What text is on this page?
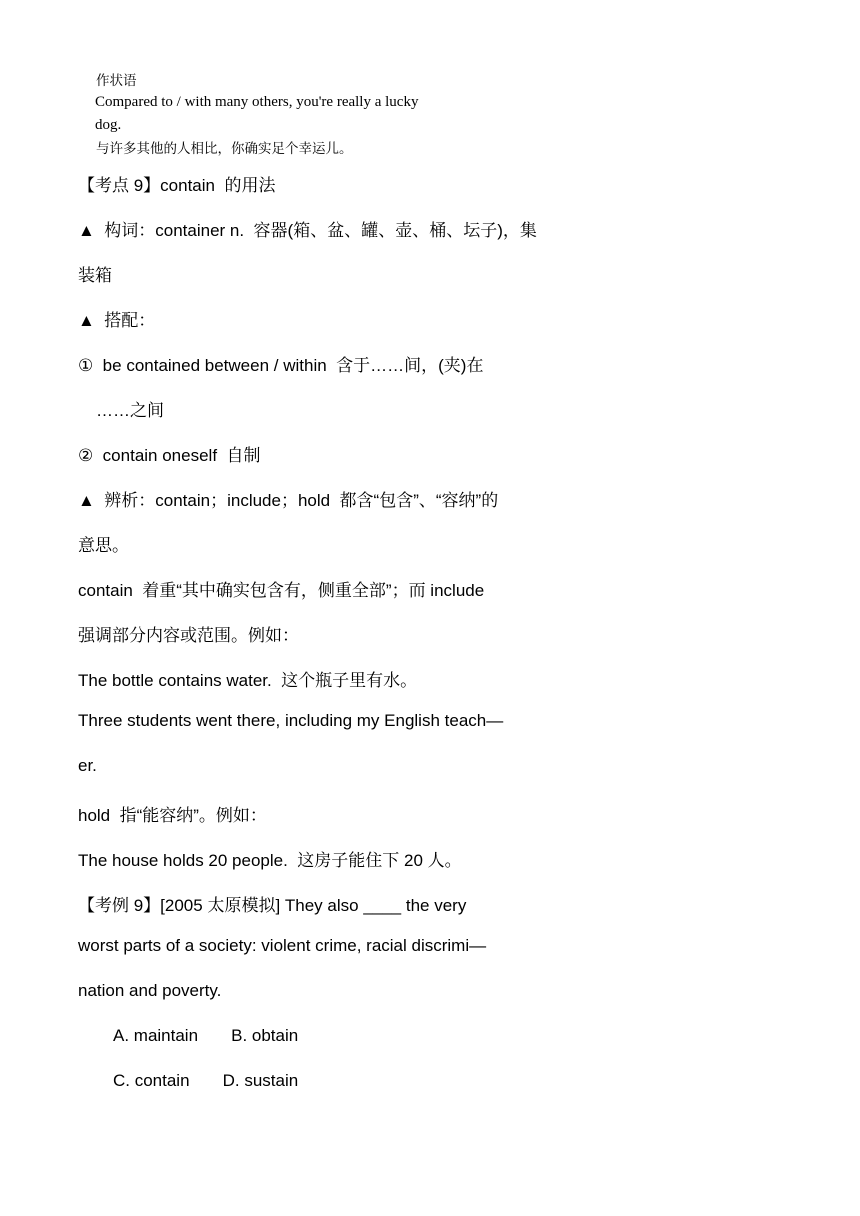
作状语
Compared to / with many others, you're really a lucky
dog.
与许多其他的人相比，你确实足个幸运儿。
【考点 9】contain  的用法
▲  构词：container n.  容器(箱、盆、罐、壶、桶、坛子)，集
装箱
▲  搭配：
①  be contained between / within  含于……间，(夹)在
……之间
②  contain oneself  自制
▲  辨析：contain；include；hold  都含“包含”、“容纳”的
意思。
contain  着重“其中确实包含有，侧重全部”；而 include
强调部分内容或范围。例如：
The bottle contains water.  这个瓶子里有水。
Three students went there, including my English teach—
er.
hold  指“能容纳”。例如：
The house holds 20 people.  这房子能住下 20 人。
【考例 9】[2005 太原模拟] They also ____ the very
worst parts of a society: violent crime, racial discrimi—
nation and poverty.
A. maintain       B. obtain
C. contain       D. sustain
